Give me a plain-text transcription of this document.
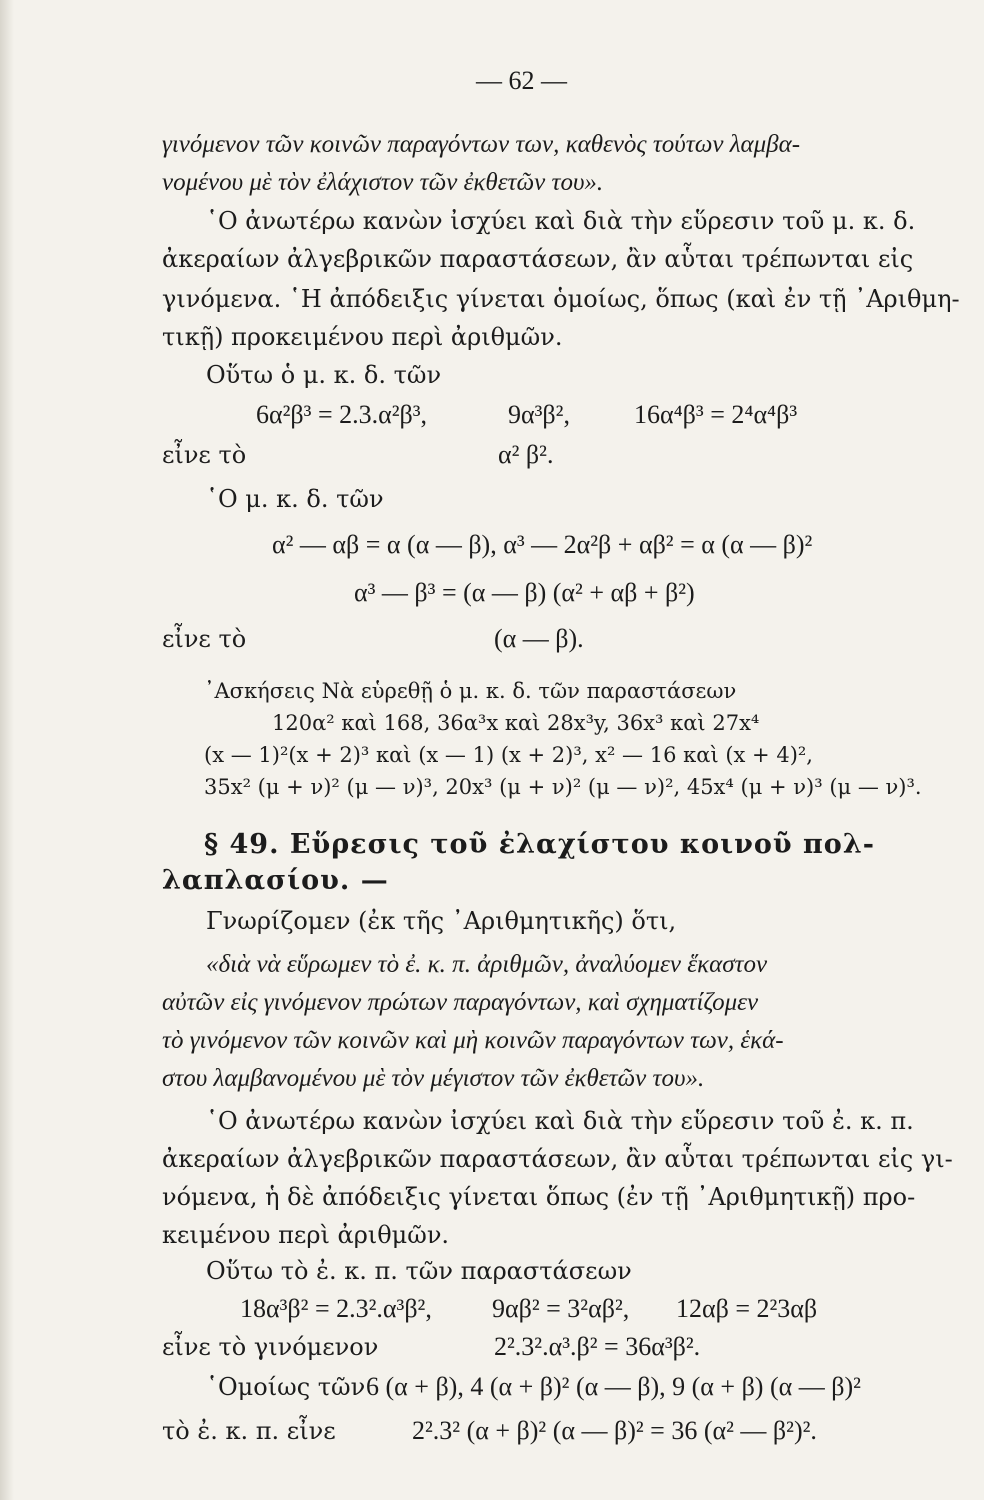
— 62 —
γινόμενον τῶν κοινῶν παραγόντων των, καθενὸς τούτων λαμβα-
νομένου μὲ τὸν ἐλάχιστον τῶν ἐκθετῶν του».
῾Ο ἀνωτέρω κανὼν ἰσχύει καὶ διὰ τὴν εὕρεσιν τοῦ μ. κ. δ.
ἀκεραίων ἀλγεβρικῶν παραστάσεων, ἂν αὗται τρέπωνται εἰς
γινόμενα. ῾Η ἀπόδειξις γίνεται ὁμοίως, ὅπως (καὶ ἐν τῇ ᾽Αριθμη-
τικῇ) προκειμένου περὶ ἀριθμῶν.
Οὕτω ὁ μ. κ. δ. τῶν
6α²β³ = 2.3.α²β³,	9α³β², 16α⁴β³ = 2⁴α⁴β³
εἶνε τὸ	α² β².
῾Ο μ. κ. δ. τῶν
α² — αβ = α (α — β), α³ — 2α²β + αβ² = α (α — β)²
α³ — β³ = (α — β) (α² + αβ + β²)
εἶνε τὸ	(α — β).
᾽Ασκήσεις Νὰ εὑρεθῇ ὁ μ. κ. δ. τῶν παραστάσεων
120α² καὶ 168, 36α³x καὶ 28x³y, 36x³ καὶ 27x⁴
(x — 1)²(x + 2)³ καὶ (x — 1) (x + 2)³, x² — 16 καὶ (x + 4)²,
35x² (μ + ν)² (μ — ν)³, 20x³ (μ + ν)² (μ — ν)², 45x⁴ (μ + ν)³ (μ — ν)³.
§ 49. Εὕρεσις τοῦ ἐλαχίστου κοινοῦ πολ-
λαπλασίου. —
Γνωρίζομεν (ἐκ τῆς ᾽Αριθμητικῆς) ὅτι,
«διὰ νὰ εὕρωμεν τὸ ἐ. κ. π. ἀριθμῶν, ἀναλύομεν ἕκαστον
αὐτῶν εἰς γινόμενον πρώτων παραγόντων, καὶ σχηματίζομεν
τὸ γινόμενον τῶν κοινῶν καὶ μὴ κοινῶν παραγόντων των, ἑκά-
στου λαμβανομένου μὲ τὸν μέγιστον τῶν ἐκθετῶν του».
῾Ο ἀνωτέρω κανὼν ἰσχύει καὶ διὰ τὴν εὕρεσιν τοῦ ἐ. κ. π.
ἀκεραίων ἀλγεβρικῶν παραστάσεων, ἂν αὗται τρέπωνται εἰς γι-
νόμενα, ἡ δὲ ἀπόδειξις γίνεται ὅπως (ἐν τῇ ᾽Αριθμητικῇ) προ-
κειμένου περὶ ἀριθμῶν.
Οὕτω τὸ ἐ. κ. π. τῶν παραστάσεων
18α³β² = 2.3².α³β², 9αβ² = 3²αβ², 12αβ = 2²3αβ
εἶνε τὸ γινόμενον	2².3².α³.β² = 36α³β².
῾Ομοίως τῶν 6 (α + β), 4 (α + β)² (α — β), 9 (α + β) (α — β)²
τὸ ἐ. κ. π. εἶνε	2².3² (α + β)² (α — β)² = 36 (α² — β²)².
